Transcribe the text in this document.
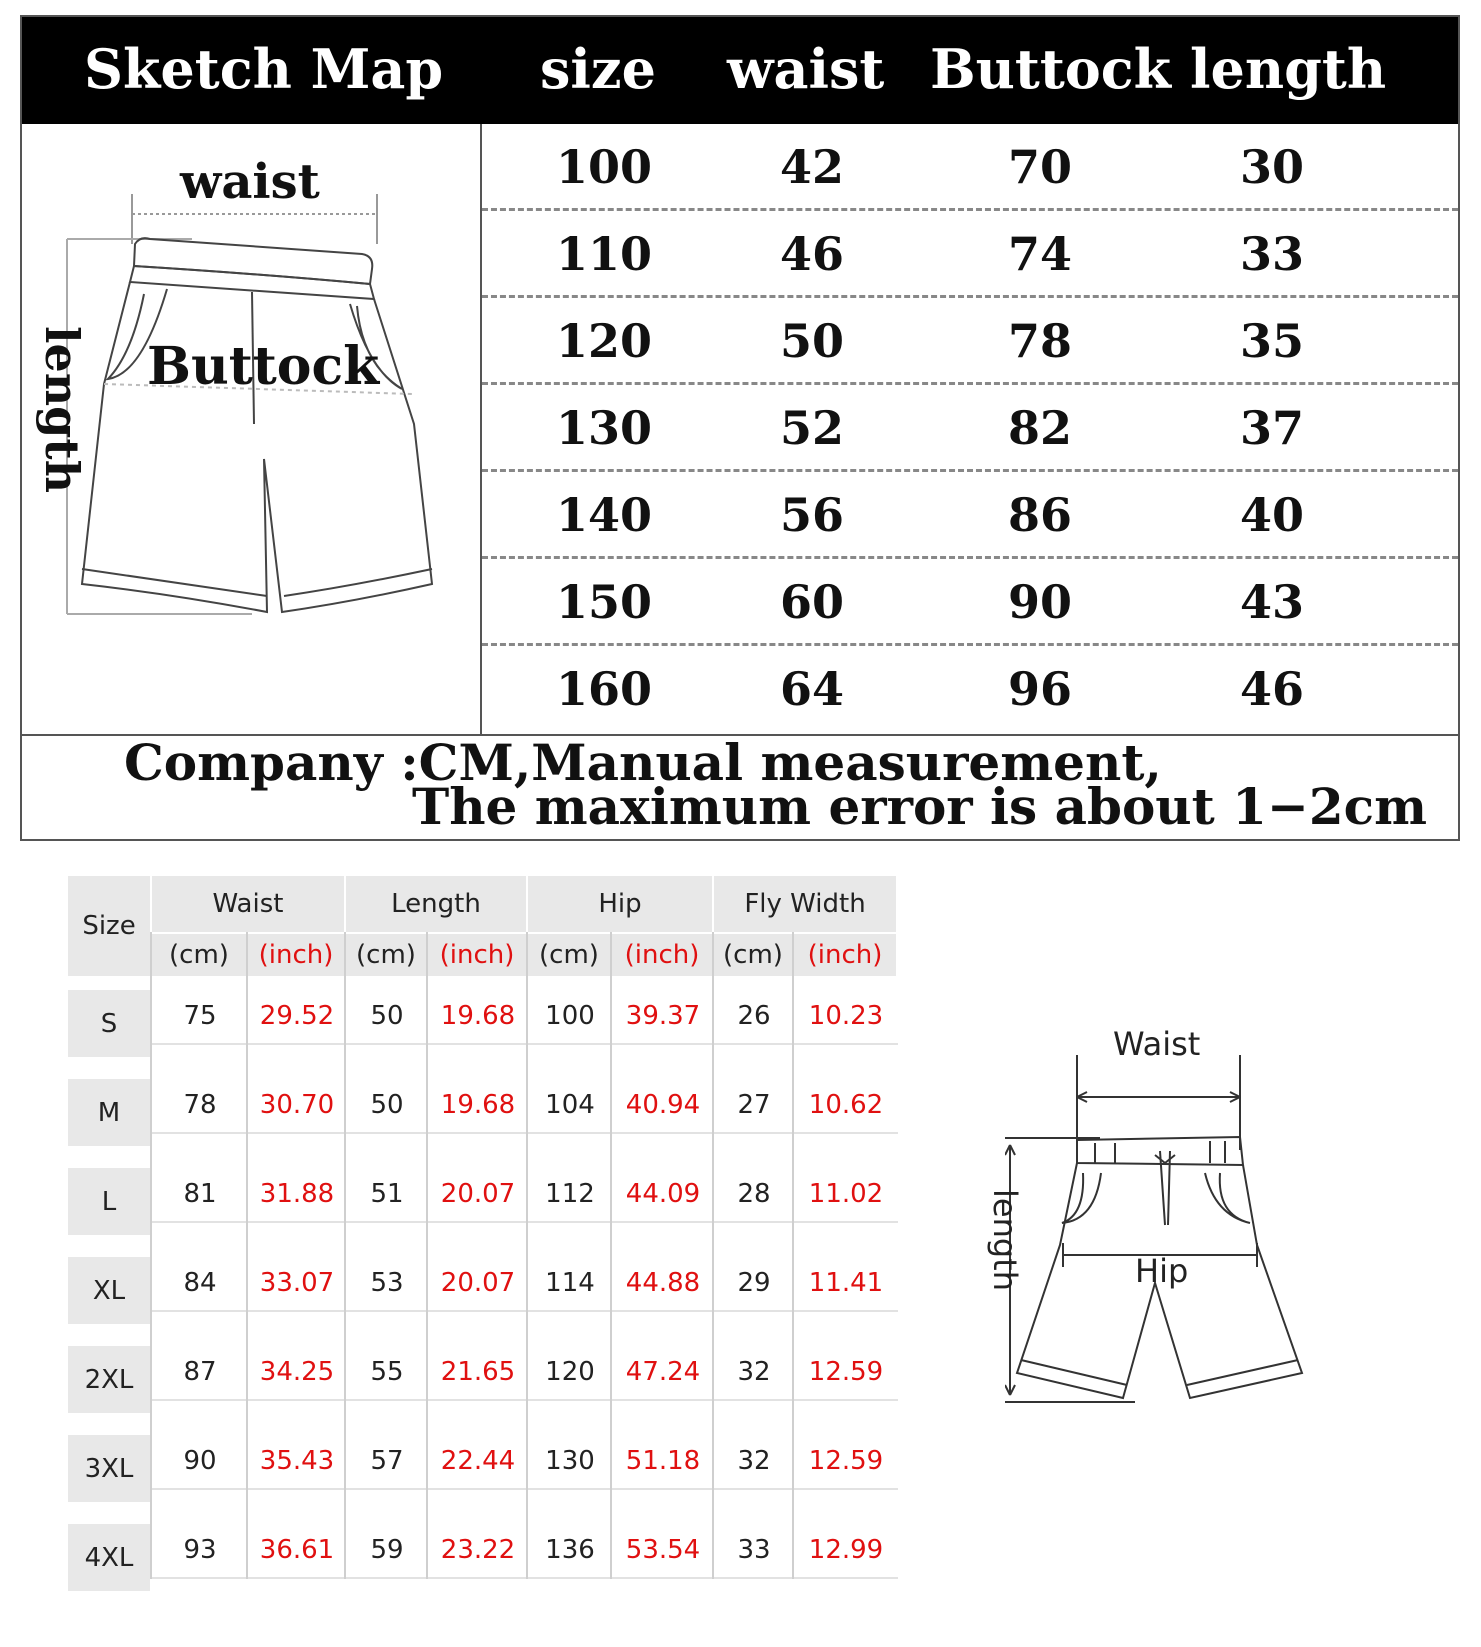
Sketch Map size waist Buttock length
waist
Buttock
length
100	42	70	30
110	46	74	33
120	50	78	35
130	52	82	37
140	56	86	40
150	60	90	43
160	64	96	46
Company :CM,Manual measurement,
The maximum error is about 1−2cm
Size
Waist
(cm)	(inch)
Length
(cm) (inch)
Hip
(cm) (inch)
Fly Width
(cm) (inch)
S	75	29.52	50	19.68	100	39.37	26	10.23
M	78	30.70	50	19.68	104	40.94	27	10.62
L	81	31.88	51	20.07	112	44.09	28	11.02
XL	84	33.07	53	20.07	114	44.88	29	11.41
2XL	87	34.25	55	21.65	120	47.24	32	12.59
3XL	90	35.43	57	22.44	130	51.18	32	12.59
4XL	93	36.61	59	23.22	136	53.54	33	12.99
Waist
Hip
length
